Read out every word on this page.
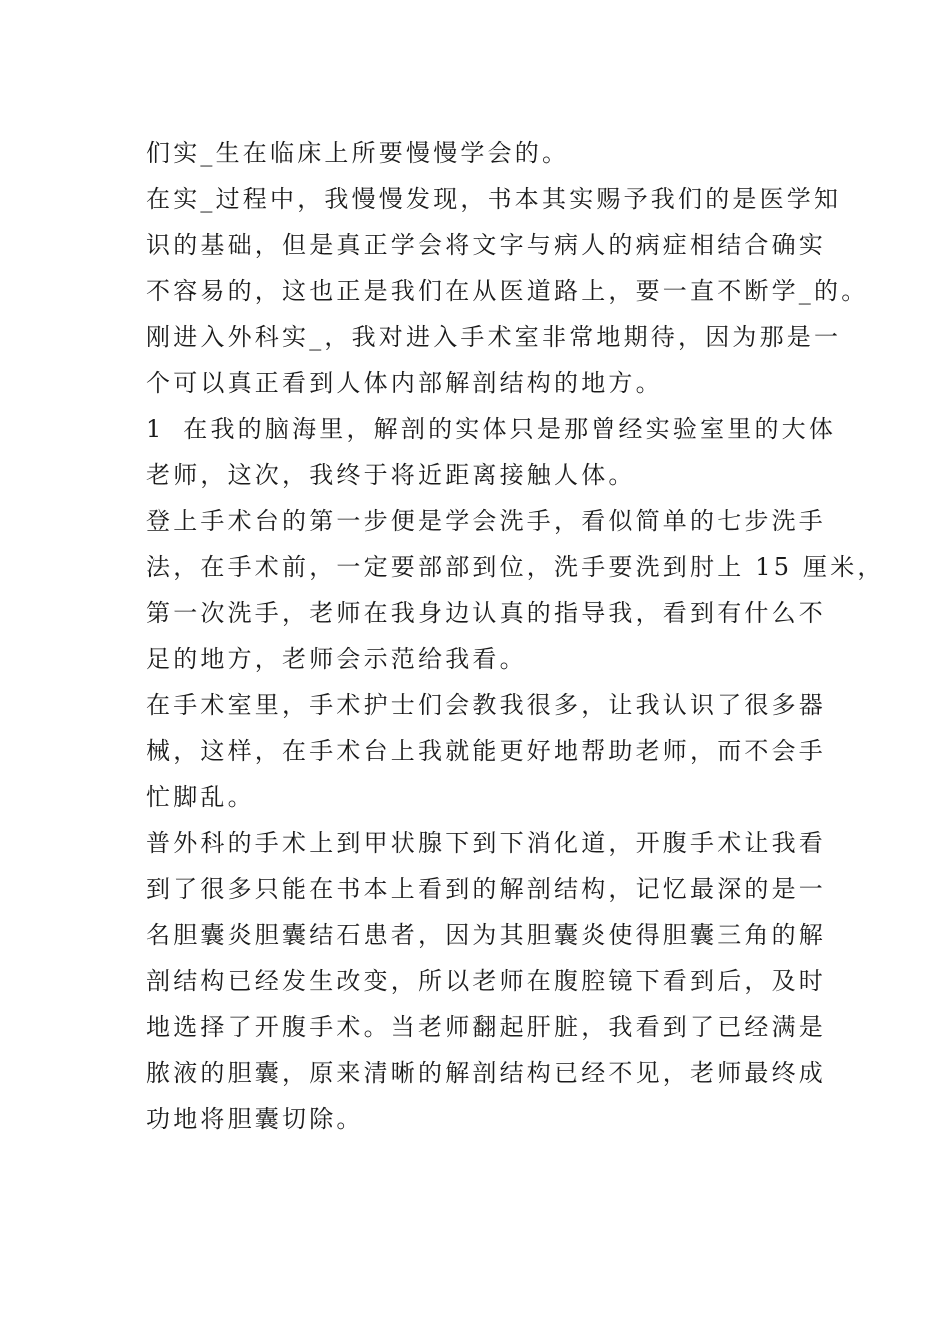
们实_生在临床上所要慢慢学会的。
在实_过程中，我慢慢发现，书本其实赐予我们的是医学知
识的基础，但是真正学会将文字与病人的病症相结合确实
不容易的，这也正是我们在从医道路上，要一直不断学_的。
刚进入外科实_，我对进入手术室非常地期待，因为那是一
个可以真正看到人体内部解剖结构的地方。
1 在我的脑海里，解剖的实体只是那曾经实验室里的大体
老师，这次，我终于将近距离接触人体。
登上手术台的第一步便是学会洗手，看似简单的七步洗手
法，在手术前，一定要部部到位，洗手要洗到肘上 15 厘米，
第一次洗手，老师在我身边认真的指导我，看到有什么不
足的地方，老师会示范给我看。
在手术室里，手术护士们会教我很多，让我认识了很多器
械，这样，在手术台上我就能更好地帮助老师，而不会手
忙脚乱。
普外科的手术上到甲状腺下到下消化道，开腹手术让我看
到了很多只能在书本上看到的解剖结构，记忆最深的是一
名胆囊炎胆囊结石患者，因为其胆囊炎使得胆囊三角的解
剖结构已经发生改变，所以老师在腹腔镜下看到后，及时
地选择了开腹手术。当老师翻起肝脏，我看到了已经满是
脓液的胆囊，原来清晰的解剖结构已经不见，老师最终成
功地将胆囊切除。
